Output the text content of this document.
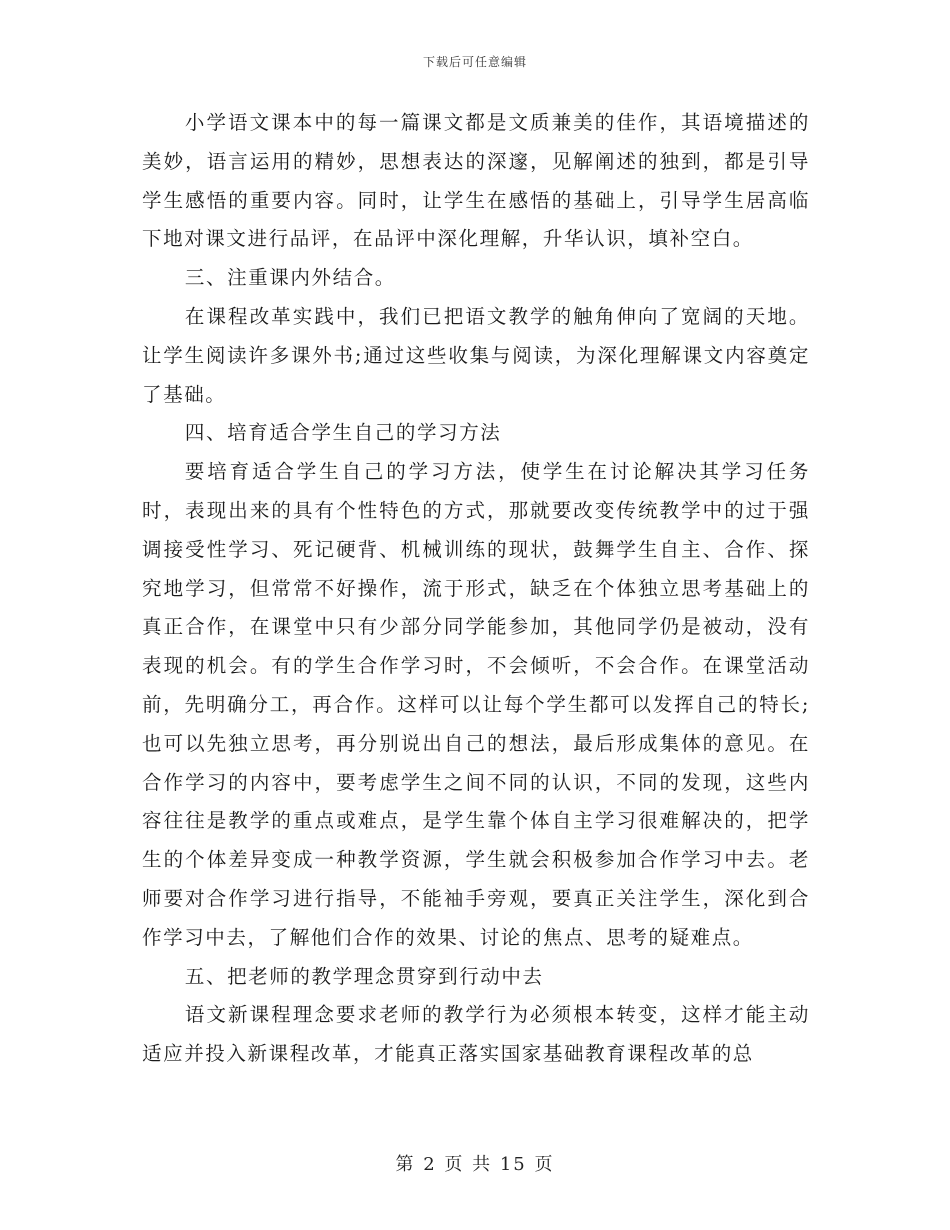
下载后可任意编辑

小学语文课本中的每一篇课文都是文质兼美的佳作，其语境描述的美妙，语言运用的精妙，思想表达的深邃，见解阐述的独到，都是引导学生感悟的重要内容。同时，让学生在感悟的基础上，引导学生居高临下地对课文进行品评，在品评中深化理解，升华认识，填补空白。

三、注重课内外结合。

在课程改革实践中，我们已把语文教学的触角伸向了宽阔的天地。让学生阅读许多课外书;通过这些收集与阅读，为深化理解课文内容奠定了基础。

四、培育适合学生自己的学习方法

要培育适合学生自己的学习方法，使学生在讨论解决其学习任务时，表现出来的具有个性特色的方式，那就要改变传统教学中的过于强调接受性学习、死记硬背、机械训练的现状，鼓舞学生自主、合作、探究地学习，但常常不好操作，流于形式，缺乏在个体独立思考基础上的真正合作，在课堂中只有少部分同学能参加，其他同学仍是被动，没有表现的机会。有的学生合作学习时，不会倾听，不会合作。在课堂活动前，先明确分工，再合作。这样可以让每个学生都可以发挥自己的特长;也可以先独立思考，再分别说出自己的想法，最后形成集体的意见。在合作学习的内容中，要考虑学生之间不同的认识，不同的发现，这些内容往往是教学的重点或难点，是学生靠个体自主学习很难解决的，把学生的个体差异变成一种教学资源，学生就会积极参加合作学习中去。老师要对合作学习进行指导，不能袖手旁观，要真正关注学生，深化到合作学习中去，了解他们合作的效果、讨论的焦点、思考的疑难点。

五、把老师的教学理念贯穿到行动中去

语文新课程理念要求老师的教学行为必须根本转变，这样才能主动适应并投入新课程改革，才能真正落实国家基础教育课程改革的总

第 2 页 共 15 页
